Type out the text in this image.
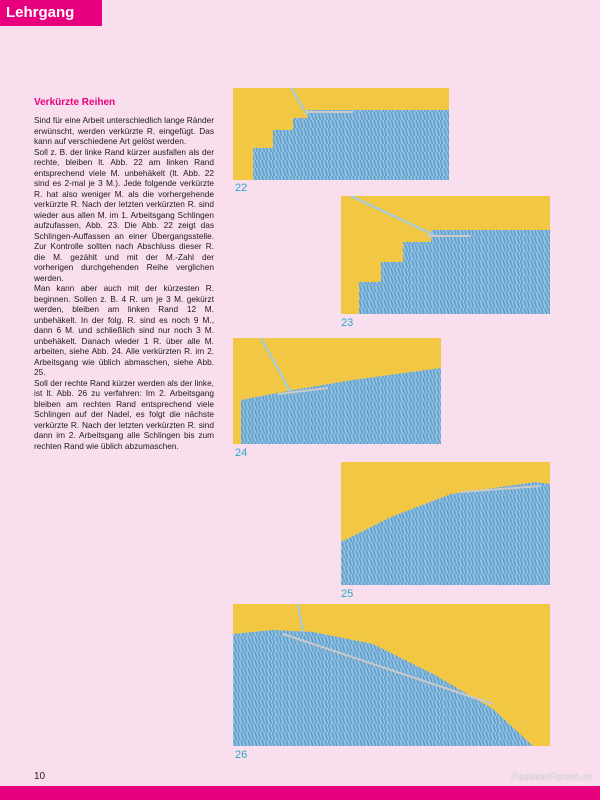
Lehrgang
Verkürzte Reihen

Sind für eine Arbeit unterschiedlich lange Ränder erwünscht, werden verkürzte R. eingefügt. Das kann auf verschiedene Art gelöst werden.

Soll z. B. der linke Rand kürzer ausfallen als der rechte, bleiben lt. Abb. 22 am linken Rand entsprechend viele M. unbehäkelt (lt. Abb. 22 sind es 2-mal je 3 M.). Jede folgende verkürzte R. hat also weniger M. als die vorhergehende verkürzte R. Nach der letzten verkürzten R. sind wieder aus allen M. im 1. Arbeitsgang Schlingen aufzufassen, Abb. 23. Die Abb. 22 zeigt das Schlingen-Auffassen an einer Übergangsstelle. Zur Kontrolle sollten nach Abschluss dieser R. die M. gezählt und mit der M.-Zahl der vorherigen durchgehenden Reihe verglichen werden.

Man kann aber auch mit der kürzesten R. beginnen. Sollen z. B. 4 R. um je 3 M. gekürzt werden, bleiben am linken Rand 12 M. unbehäkelt. In der folg. R. sind es noch 9 M., dann 6 M. und schließlich sind nur noch 3 M. unbehäkelt. Danach wieder 1 R. über alle M. arbeiten, siehe Abb. 24. Alle verkürzten R. im 2. Arbeitsgang wie üblich abmaschen, siehe Abb. 25.

Soll der rechte Rand kürzer werden als der linke, ist lt. Abb. 26 zu verfahren: Im 2. Arbeitsgang bleiben am rechten Rand entsprechend viele Schlingen auf der Nadel, es folgt die nächste verkürzte R. Nach der letzten verkürzten R. sind dann im 2. Arbeitsgang alle Schlingen bis zum rechten Rand wie üblich abzumaschen.

22
23
24
25
26
10	PassionForum.ru
